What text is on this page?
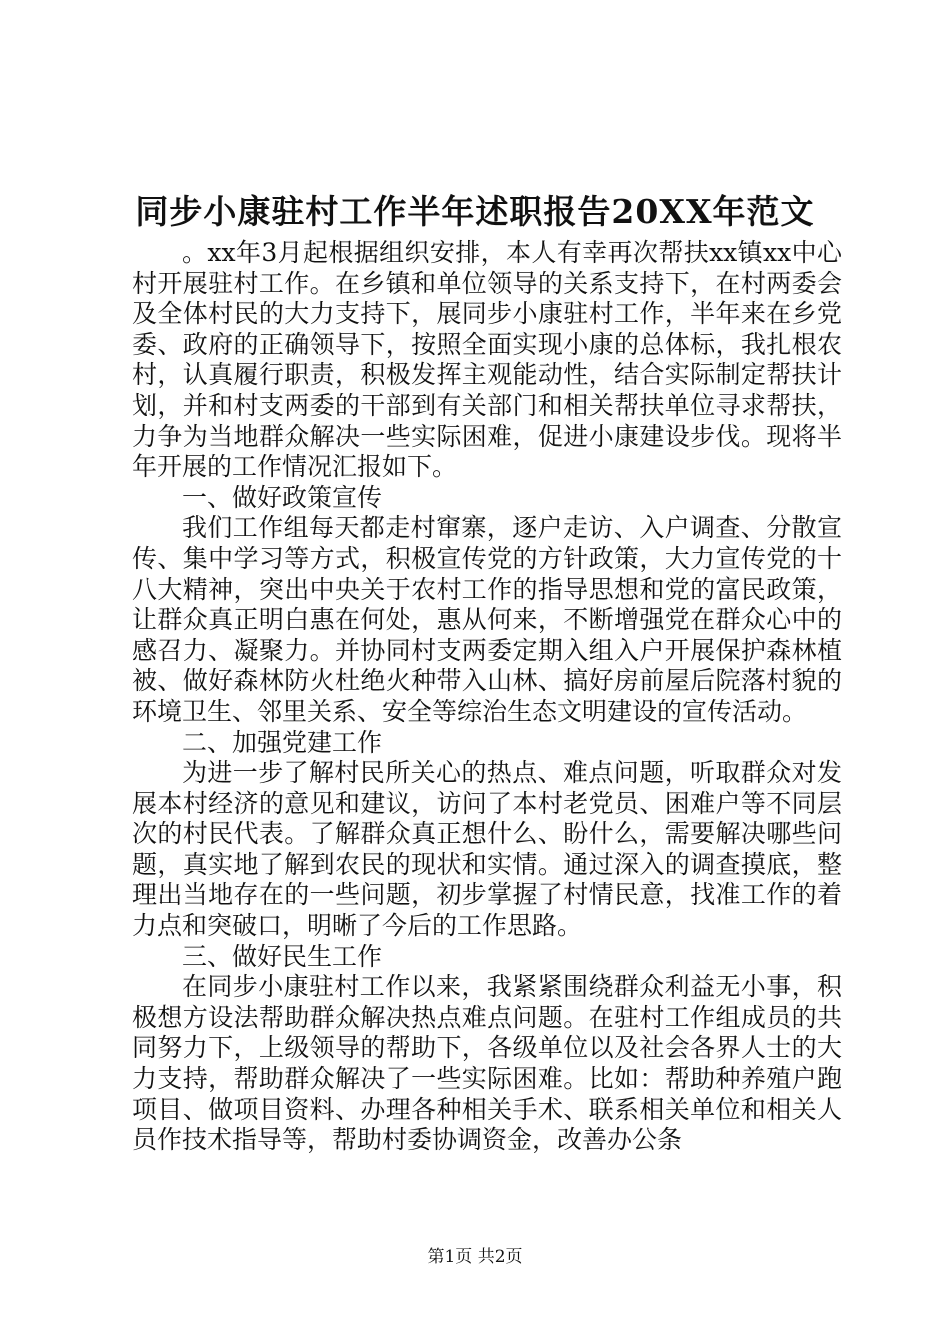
同步小康驻村工作半年述职报告20XX年范文

。xx年3月起根据组织安排，本人有幸再次帮扶xx镇xx中心村开展驻村工作。在乡镇和单位领导的关系支持下，在村两委会及全体村民的大力支持下，展同步小康驻村工作，半年来在乡党委、政府的正确领导下，按照全面实现小康的总体标，我扎根农村，认真履行职责，积极发挥主观能动性，结合实际制定帮扶计划，并和村支两委的干部到有关部门和相关帮扶单位寻求帮扶，力争为当地群众解决一些实际困难，促进小康建设步伐。现将半年开展的工作情况汇报如下。

一、做好政策宣传

我们工作组每天都走村窜寨，逐户走访、入户调查、分散宣传、集中学习等方式，积极宣传党的方针政策，大力宣传党的十八大精神，突出中央关于农村工作的指导思想和党的富民政策，让群众真正明白惠在何处，惠从何来，不断增强党在群众心中的感召力、凝聚力。并协同村支两委定期入组入户开展保护森林植被、做好森林防火杜绝火种带入山林、搞好房前屋后院落村貌的环境卫生、邻里关系、安全等综治生态文明建设的宣传活动。

二、加强党建工作

为进一步了解村民所关心的热点、难点问题，听取群众对发展本村经济的意见和建议，访问了本村老党员、困难户等不同层次的村民代表。了解群众真正想什么、盼什么，需要解决哪些问题，真实地了解到农民的现状和实情。通过深入的调查摸底，整理出当地存在的一些问题，初步掌握了村情民意，找准工作的着力点和突破口，明晰了今后的工作思路。

三、做好民生工作

在同步小康驻村工作以来，我紧紧围绕群众利益无小事，积极想方设法帮助群众解决热点难点问题。在驻村工作组成员的共同努力下，上级领导的帮助下，各级单位以及社会各界人士的大力支持，帮助群众解决了一些实际困难。比如：帮助种养殖户跑项目、做项目资料、办理各种相关手术、联系相关单位和相关人员作技术指导等，帮助村委协调资金，改善办公条

第1页 共2页
